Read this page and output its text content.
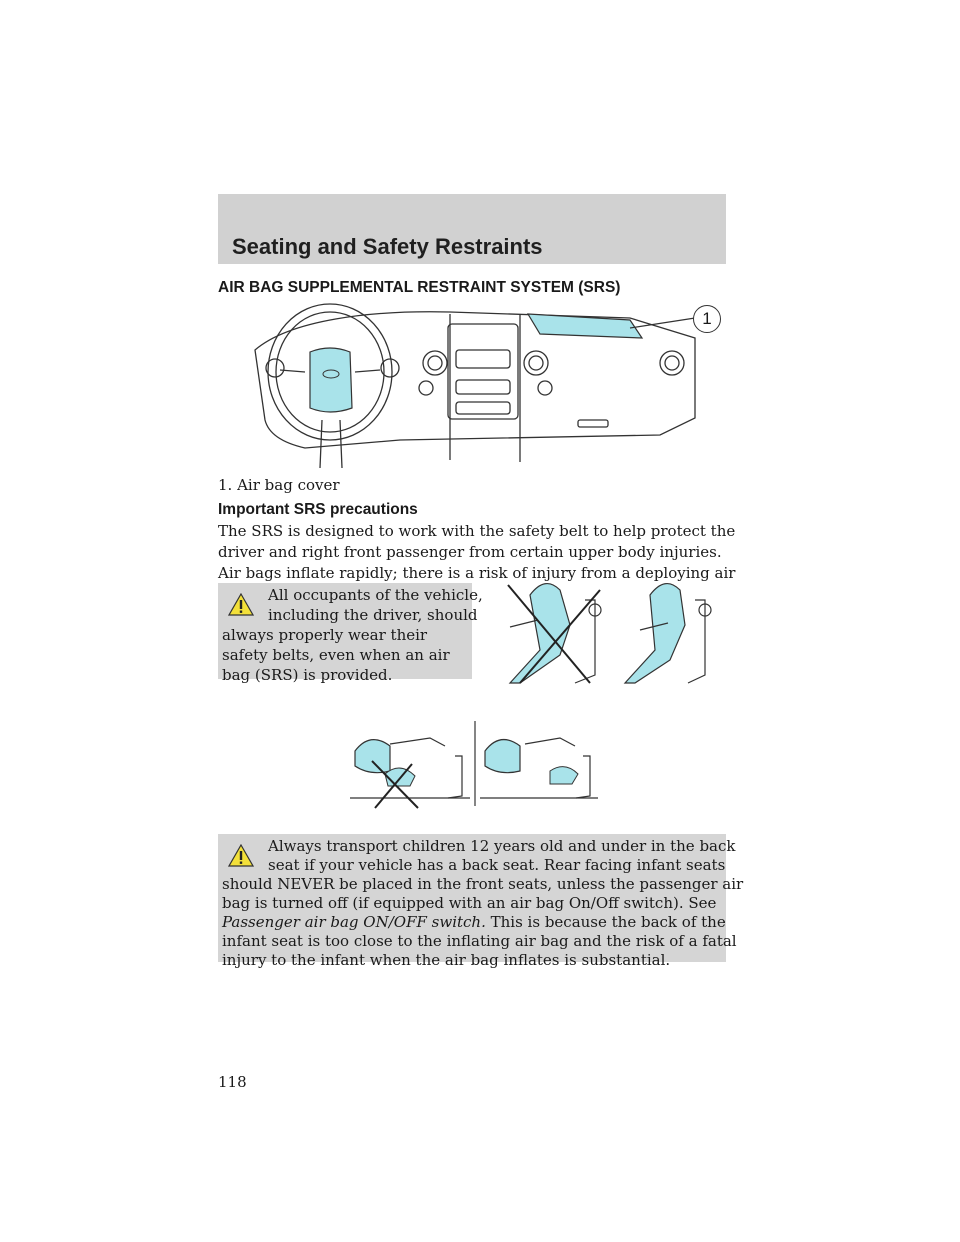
Seating and Safety Restraints
AIR BAG SUPPLEMENTAL RESTRAINT SYSTEM (SRS)
1
1. Air bag cover
Important SRS precautions
The SRS is designed to work with the safety belt to help protect the driver and right front passenger from certain upper body injuries. Air bags inflate rapidly; there is a risk of injury from a deploying air
All occupants of the vehicle,
including the driver, should
always properly wear their safety belts, even when an air bag (SRS) is provided.
Always transport children 12 years old and under in the back
seat if your vehicle has a back seat. Rear facing infant seats
should NEVER be placed in the front seats, unless the passenger air
bag is turned off (if equipped with an air bag On/Off switch). See
Passenger air bag ON/OFF switch. This is because the back of the
infant seat is too close to the inflating air bag and the risk of a fatal
injury to the infant when the air bag inflates is substantial.
118
